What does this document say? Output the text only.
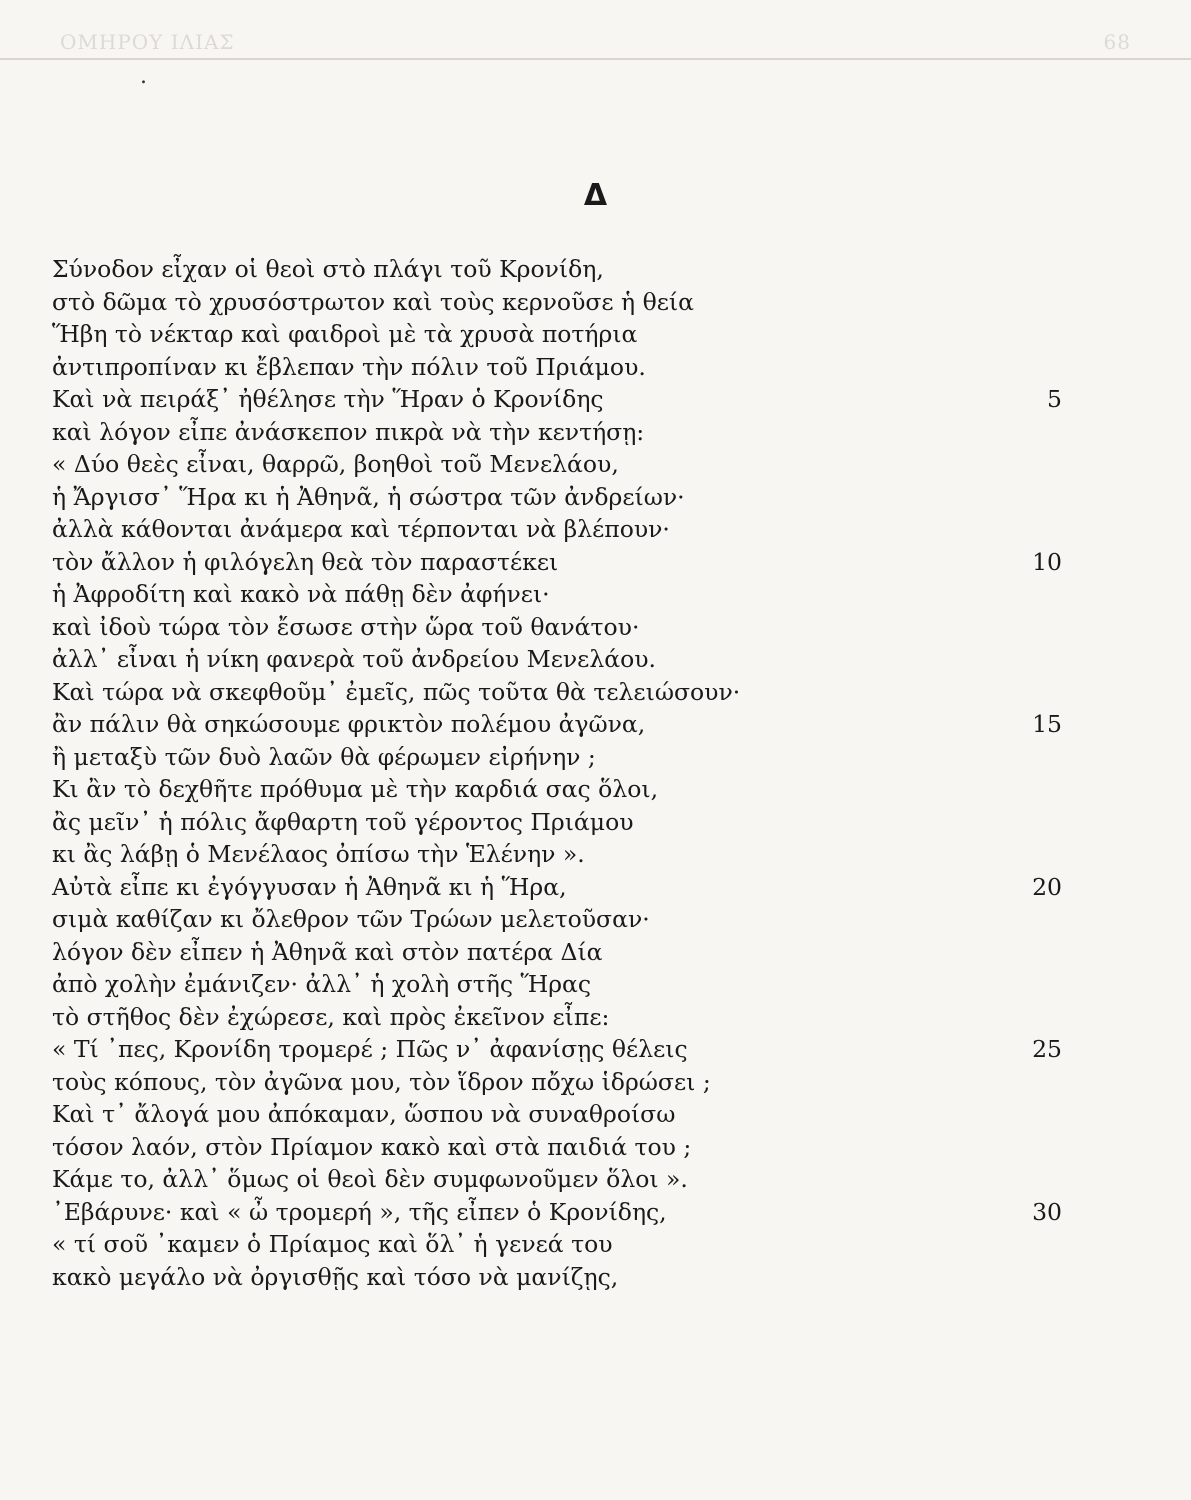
ΟΜΗΡΟΥ ΙΛΙΑΣ	68
.
Δ
Σύνοδον εἶχαν οἱ θεοὶ στὸ πλάγι τοῦ Κρονίδη,
στὸ δῶμα τὸ χρυσόστρωτον καὶ τοὺς κερνοῦσε ἡ θεία
Ἥβη τὸ νέκταρ καὶ φαιδροὶ μὲ τὰ χρυσὰ ποτήρια
ἀντιπροπίναν κι ἔβλεπαν τὴν πόλιν τοῦ Πριάμου.
Καὶ νὰ πειράξ᾽ ἠθέλησε τὴν Ἥραν ὁ Κρονίδης	5
καὶ λόγον εἶπε ἀνάσκεπον πικρὰ νὰ τὴν κεντήσῃ:
« Δύο θεὲς εἶναι, θαρρῶ, βοηθοὶ τοῦ Μενελάου,
ἡ Ἄργισσ᾽ Ἥρα κι ἡ Ἀθηνᾶ, ἡ σώστρα τῶν ἀνδρείων·
ἀλλὰ κάθονται ἀνάμερα καὶ τέρπονται νὰ βλέπουν·
τὸν ἄλλον ἡ φιλόγελη θεὰ τὸν παραστέκει	10
ἡ Ἀφροδίτη καὶ κακὸ νὰ πάθῃ δὲν ἀφήνει·
καὶ ἰδοὺ τώρα τὸν ἔσωσε στὴν ὥρα τοῦ θανάτου·
ἀλλ᾽ εἶναι ἡ νίκη φανερὰ τοῦ ἀνδρείου Μενελάου.
Καὶ τώρα νὰ σκεφθοῦμ᾽ ἐμεῖς, πῶς τοῦτα θὰ τελειώσουν·
ἂν πάλιν θὰ σηκώσουμε φρικτὸν πολέμου ἀγῶνα,	15
ἢ μεταξὺ τῶν δυὸ λαῶν θὰ φέρωμεν εἰρήνην ;
Κι ἂν τὸ δεχθῆτε πρόθυμα μὲ τὴν καρδιά σας ὅλοι,
ἂς μεῖν᾽ ἡ πόλις ἄφθαρτη τοῦ γέροντος Πριάμου
κι ἂς λάβῃ ὁ Μενέλαος ὀπίσω τὴν Ἑλένην ».
Αὐτὰ εἶπε κι ἐγόγγυσαν ἡ Ἀθηνᾶ κι ἡ Ἥρα,	20
σιμὰ καθίζαν κι ὄλεθρον τῶν Τρώων μελετοῦσαν·
λόγον δὲν εἶπεν ἡ Ἀθηνᾶ καὶ στὸν πατέρα Δία
ἀπὸ χολὴν ἐμάνιζεν· ἀλλ᾽ ἡ χολὴ στῆς Ἥρας
τὸ στῆθος δὲν ἐχώρεσε, καὶ πρὸς ἐκεῖνον εἶπε:
« Τί ᾽πες, Κρονίδη τρομερέ ; Πῶς ν᾽ ἀφανίσῃς θέλεις	25
τοὺς κόπους, τὸν ἀγῶνα μου, τὸν ἵδρον πὄχω ἱδρώσει ;
Καὶ τ᾽ ἄλογά μου ἀπόκαμαν, ὥσπου νὰ συναθροίσω
τόσον λαόν, στὸν Πρίαμον κακὸ καὶ στὰ παιδιά του ;
Κάμε το, ἀλλ᾽ ὅμως οἱ θεοὶ δὲν συμφωνοῦμεν ὅλοι ».
᾽Εβάρυνε· καὶ « ὦ τρομερή », τῆς εἶπεν ὁ Κρονίδης,	30
« τί σοῦ ᾽καμεν ὁ Πρίαμος καὶ ὅλ᾽ ἡ γενεά του
κακὸ μεγάλο νὰ ὀργισθῇς καὶ τόσο νὰ μανίζῃς,
